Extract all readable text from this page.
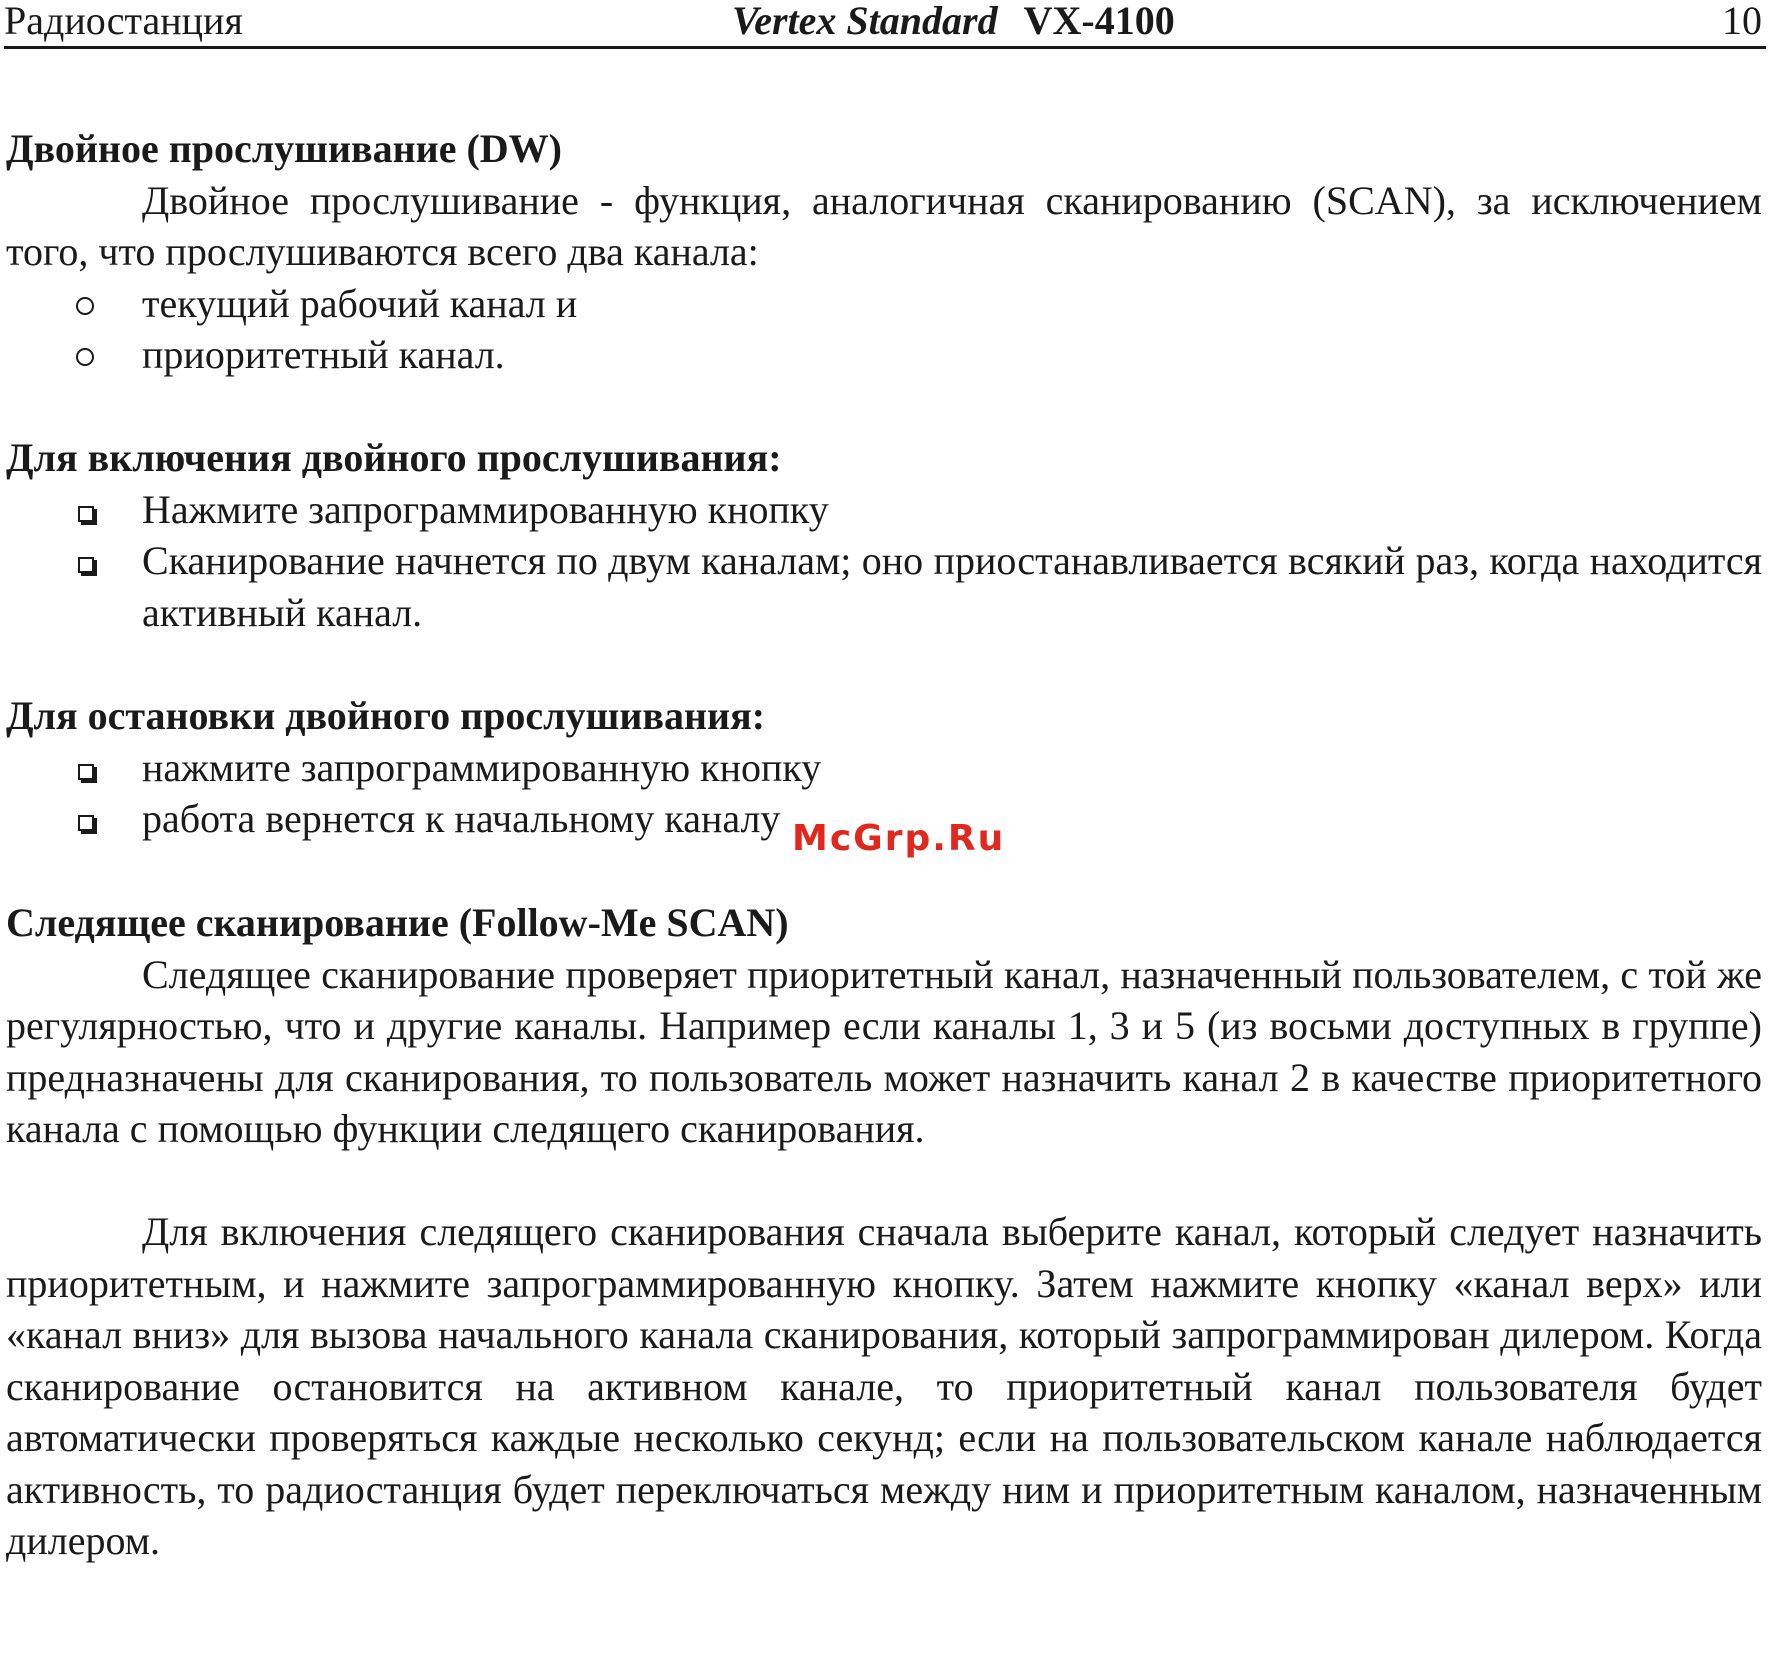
Радиостанция	Vertex Standard VX-4100	10
Двойное прослушивание (DW)

Двойное прослушивание - функция, аналогичная сканированию (SCAN), за исключением того, что прослушиваются всего два канала:

текущий рабочий канал и
приоритетный канал.
Для включения двойного прослушивания:
Нажмите запрограммированную кнопку
Сканирование начнется по двум каналам; оно приостанавливается всякий раз, когда находится активный канал.
Для остановки двойного прослушивания:
нажмите запрограммированную кнопку
работа вернется к начальному каналу
Следящее сканирование (Follow-Me SCAN)

Следящее сканирование проверяет приоритетный канал, назначенный пользователем, с той же регулярностью, что и другие каналы. Например если каналы 1, 3 и 5 (из восьми доступных в группе) предназначены для сканирования, то пользователь может назначить канал 2 в качестве приоритетного канала с помощью функции следящего сканирования.

Для включения следящего сканирования сначала выберите канал, который следует назначить приоритетным, и нажмите запрограммированную кнопку. Затем нажмите кнопку «канал верх» или «канал вниз» для вызова начального канала сканирования, который запрограммирован дилером. Когда сканирование остановится на активном канале, то приоритетный канал пользователя будет автоматически проверяться каждые несколько секунд; если на пользовательском канале наблюдается активность, то радиостанция будет переключаться между ним и приоритетным каналом, назначенным дилером.

McGrp.Ru
